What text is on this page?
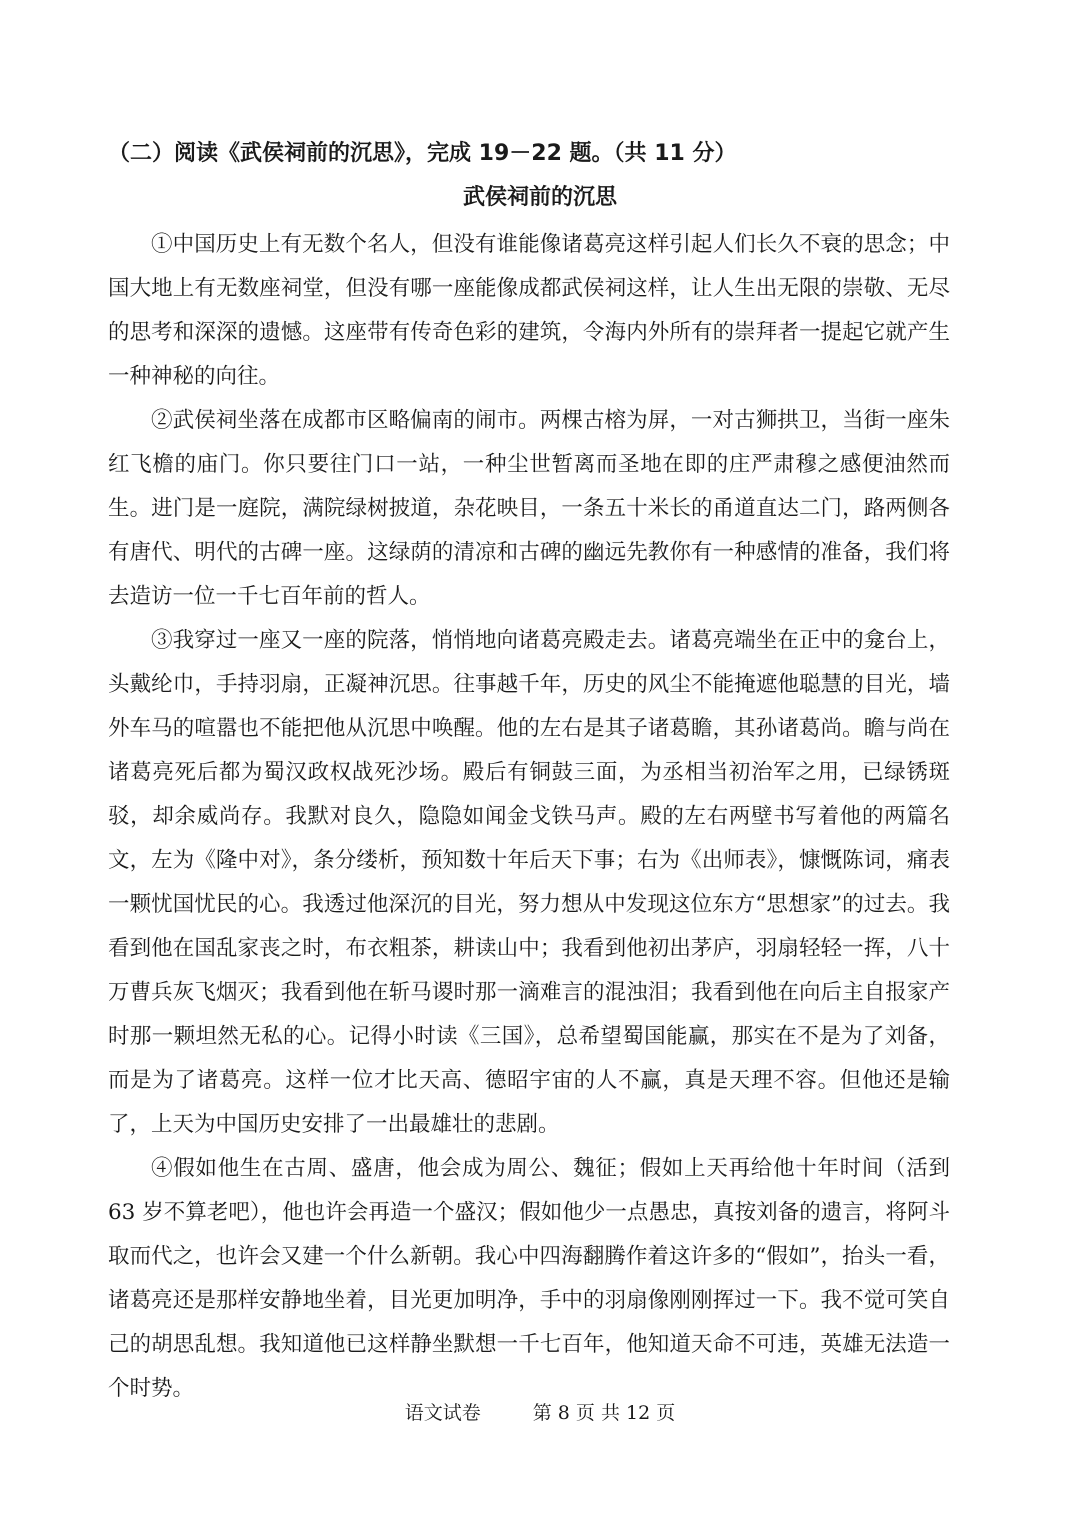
（二）阅读《武侯祠前的沉思》，完成 19－22 题。（共 11 分）
武侯祠前的沉思

①中国历史上有无数个名人，但没有谁能像诸葛亮这样引起人们长久不衰的思念；中国大地上有无数座祠堂，但没有哪一座能像成都武侯祠这样，让人生出无限的崇敬、无尽的思考和深深的遗憾。这座带有传奇色彩的建筑，令海内外所有的崇拜者一提起它就产生一种神秘的向往。

②武侯祠坐落在成都市区略偏南的闹市。两棵古榕为屏，一对古狮拱卫，当街一座朱红飞檐的庙门。你只要往门口一站，一种尘世暂离而圣地在即的庄严肃穆之感便油然而生。进门是一庭院，满院绿树披道，杂花映目，一条五十米长的甬道直达二门，路两侧各有唐代、明代的古碑一座。这绿荫的清凉和古碑的幽远先教你有一种感情的准备，我们将去造访一位一千七百年前的哲人。

③我穿过一座又一座的院落，悄悄地向诸葛亮殿走去。诸葛亮端坐在正中的龛台上，头戴纶巾，手持羽扇，正凝神沉思。往事越千年，历史的风尘不能掩遮他聪慧的目光，墙外车马的喧嚣也不能把他从沉思中唤醒。他的左右是其子诸葛瞻，其孙诸葛尚。瞻与尚在诸葛亮死后都为蜀汉政权战死沙场。殿后有铜鼓三面，为丞相当初治军之用，已绿锈斑驳，却余威尚存。我默对良久，隐隐如闻金戈铁马声。殿的左右两壁书写着他的两篇名文，左为《隆中对》，条分缕析，预知数十年后天下事；右为《出师表》，慷慨陈词，痛表一颗忧国忧民的心。我透过他深沉的目光，努力想从中发现这位东方“思想家”的过去。我看到他在国乱家丧之时，布衣粗茶，耕读山中；我看到他初出茅庐，羽扇轻轻一挥，八十万曹兵灰飞烟灭；我看到他在斩马谡时那一滴难言的混浊泪；我看到他在向后主自报家产时那一颗坦然无私的心。记得小时读《三国》，总希望蜀国能赢，那实在不是为了刘备，而是为了诸葛亮。这样一位才比天高、德昭宇宙的人不赢，真是天理不容。但他还是输了，上天为中国历史安排了一出最雄壮的悲剧。

④假如他生在古周、盛唐，他会成为周公、魏征；假如上天再给他十年时间（活到 63 岁不算老吧），他也许会再造一个盛汉；假如他少一点愚忠，真按刘备的遗言，将阿斗取而代之，也许会又建一个什么新朝。我心中四海翻腾作着这许多的“假如”，抬头一看，诸葛亮还是那样安静地坐着，目光更加明净，手中的羽扇像刚刚挥过一下。我不觉可笑自己的胡思乱想。我知道他已这样静坐默想一千七百年，他知道天命不可违，英雄无法造一个时势。

语文试卷	第 8 页 共 12 页
